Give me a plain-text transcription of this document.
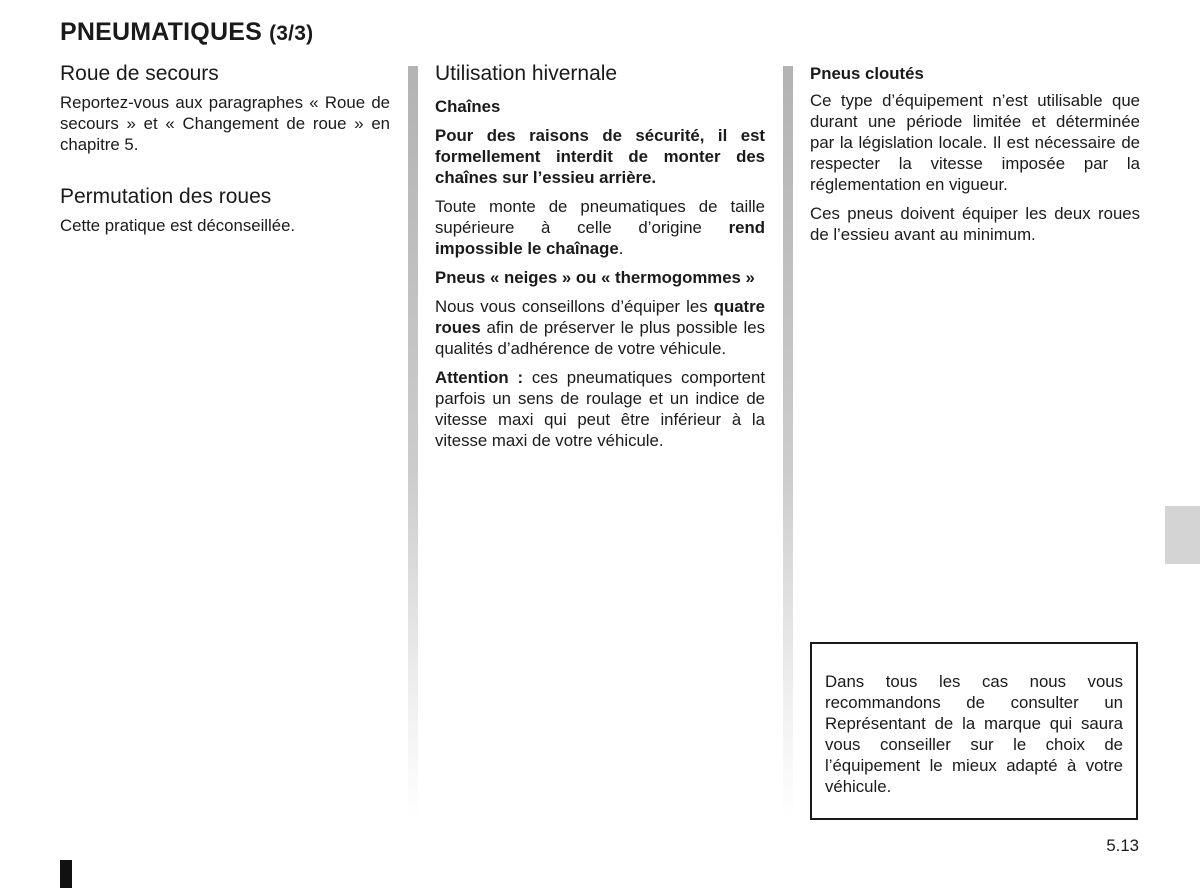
PNEUMATIQUES (3/3)
Roue de secours

Reportez-vous aux paragraphes « Roue de secours » et « Changement de roue » en chapitre 5.

Permutation des roues

Cette pratique est déconseillée.

Utilisation hivernale
Chaînes

Pour des raisons de sécurité, il est formellement interdit de monter des chaînes sur l’essieu arrière.

Toute monte de pneumatiques de taille supérieure à celle d’origine rend impossible le chaînage.

Pneus « neiges » ou « thermogommes »

Nous vous conseillons d’équiper les quatre roues afin de préserver le plus possible les qualités d’adhérence de votre véhicule.

Attention : ces pneumatiques comportent parfois un sens de roulage et un indice de vitesse maxi qui peut être inférieur à la vitesse maxi de votre véhicule.

Pneus cloutés

Ce type d’équipement n’est utilisable que durant une période limitée et déterminée par la législation locale. Il est nécessaire de respecter la vitesse imposée par la réglementation en vigueur.

Ces pneus doivent équiper les deux roues de l’essieu avant au minimum.

Dans tous les cas nous vous recommandons de consulter un Représentant de la marque qui saura vous conseiller sur le choix de l’équipement le mieux adapté à votre véhicule.

5.13
